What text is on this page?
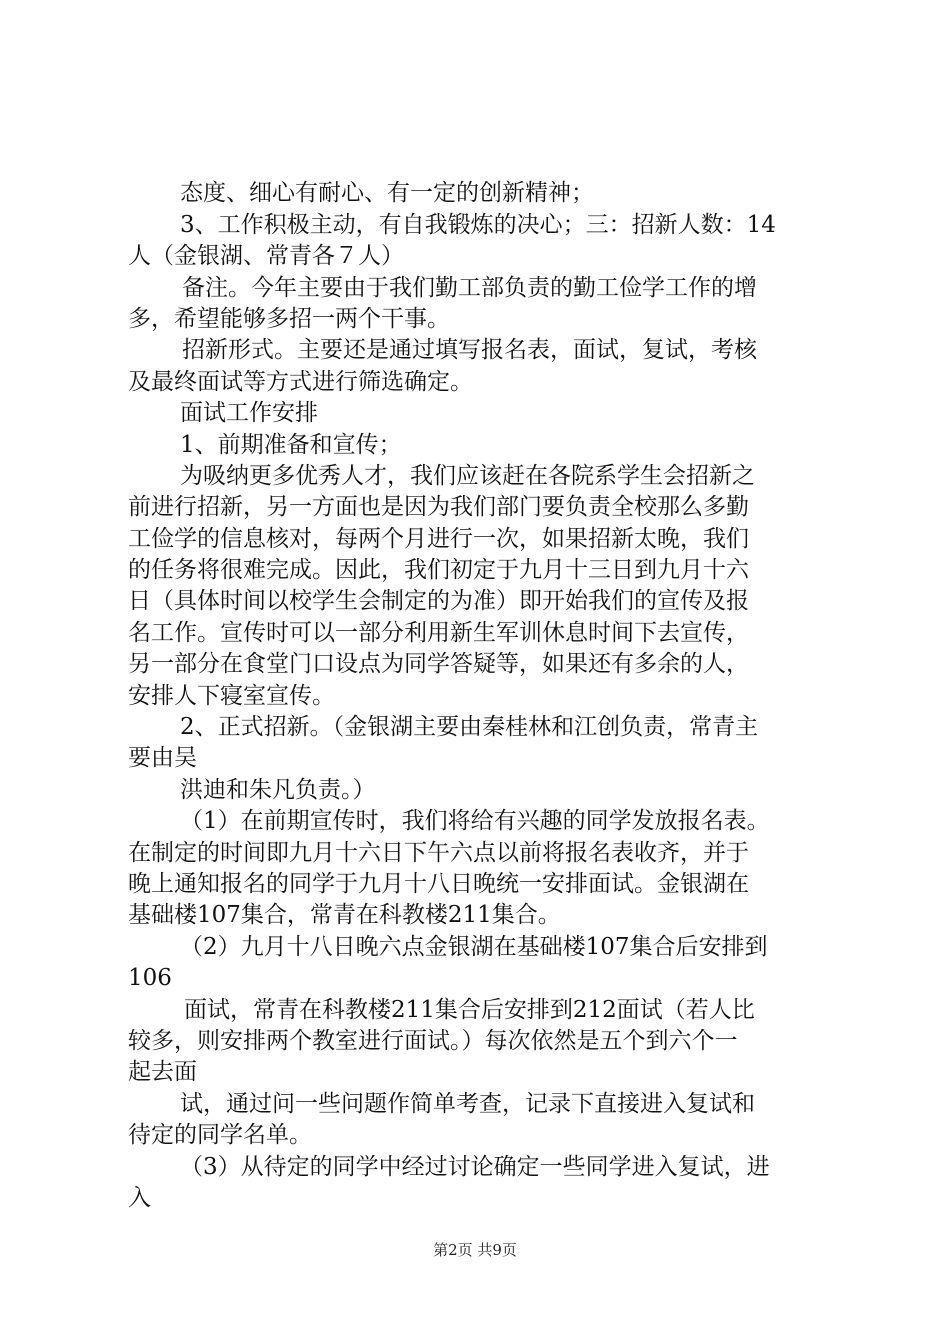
态度、细心有耐心、有一定的创新精神；
3、工作积极主动，有自我锻炼的决心；三：招新人数：14
人（金银湖、常青各７人）
备注。今年主要由于我们勤工部负责的勤工俭学工作的增
多，希望能够多招一两个干事。
招新形式。主要还是通过填写报名表，面试，复试，考核
及最终面试等方式进行筛选确定。
面试工作安排
1、前期准备和宣传；
为吸纳更多优秀人才，我们应该赶在各院系学生会招新之
前进行招新，另一方面也是因为我们部门要负责全校那么多勤
工俭学的信息核对，每两个月进行一次，如果招新太晚，我们
的任务将很难完成。因此，我们初定于九月十三日到九月十六
日（具体时间以校学生会制定的为准）即开始我们的宣传及报
名工作。宣传时可以一部分利用新生军训休息时间下去宣传，
另一部分在食堂门口设点为同学答疑等，如果还有多余的人，
安排人下寝室宣传。
2、正式招新。（金银湖主要由秦桂林和江创负责，常青主
要由吴
洪迪和朱凡负责。）
（1）在前期宣传时，我们将给有兴趣的同学发放报名表。
在制定的时间即九月十六日下午六点以前将报名表收齐，并于
晚上通知报名的同学于九月十八日晚统一安排面试。金银湖在
基础楼107集合，常青在科教楼211集合。
（2）九月十八日晚六点金银湖在基础楼107集合后安排到
106
面试，常青在科教楼211集合后安排到212面试（若人比
较多，则安排两个教室进行面试。）每次依然是五个到六个一
起去面
试，通过问一些问题作简单考查，记录下直接进入复试和
待定的同学名单。
（3）从待定的同学中经过讨论确定一些同学进入复试，进
入
第2页 共9页
